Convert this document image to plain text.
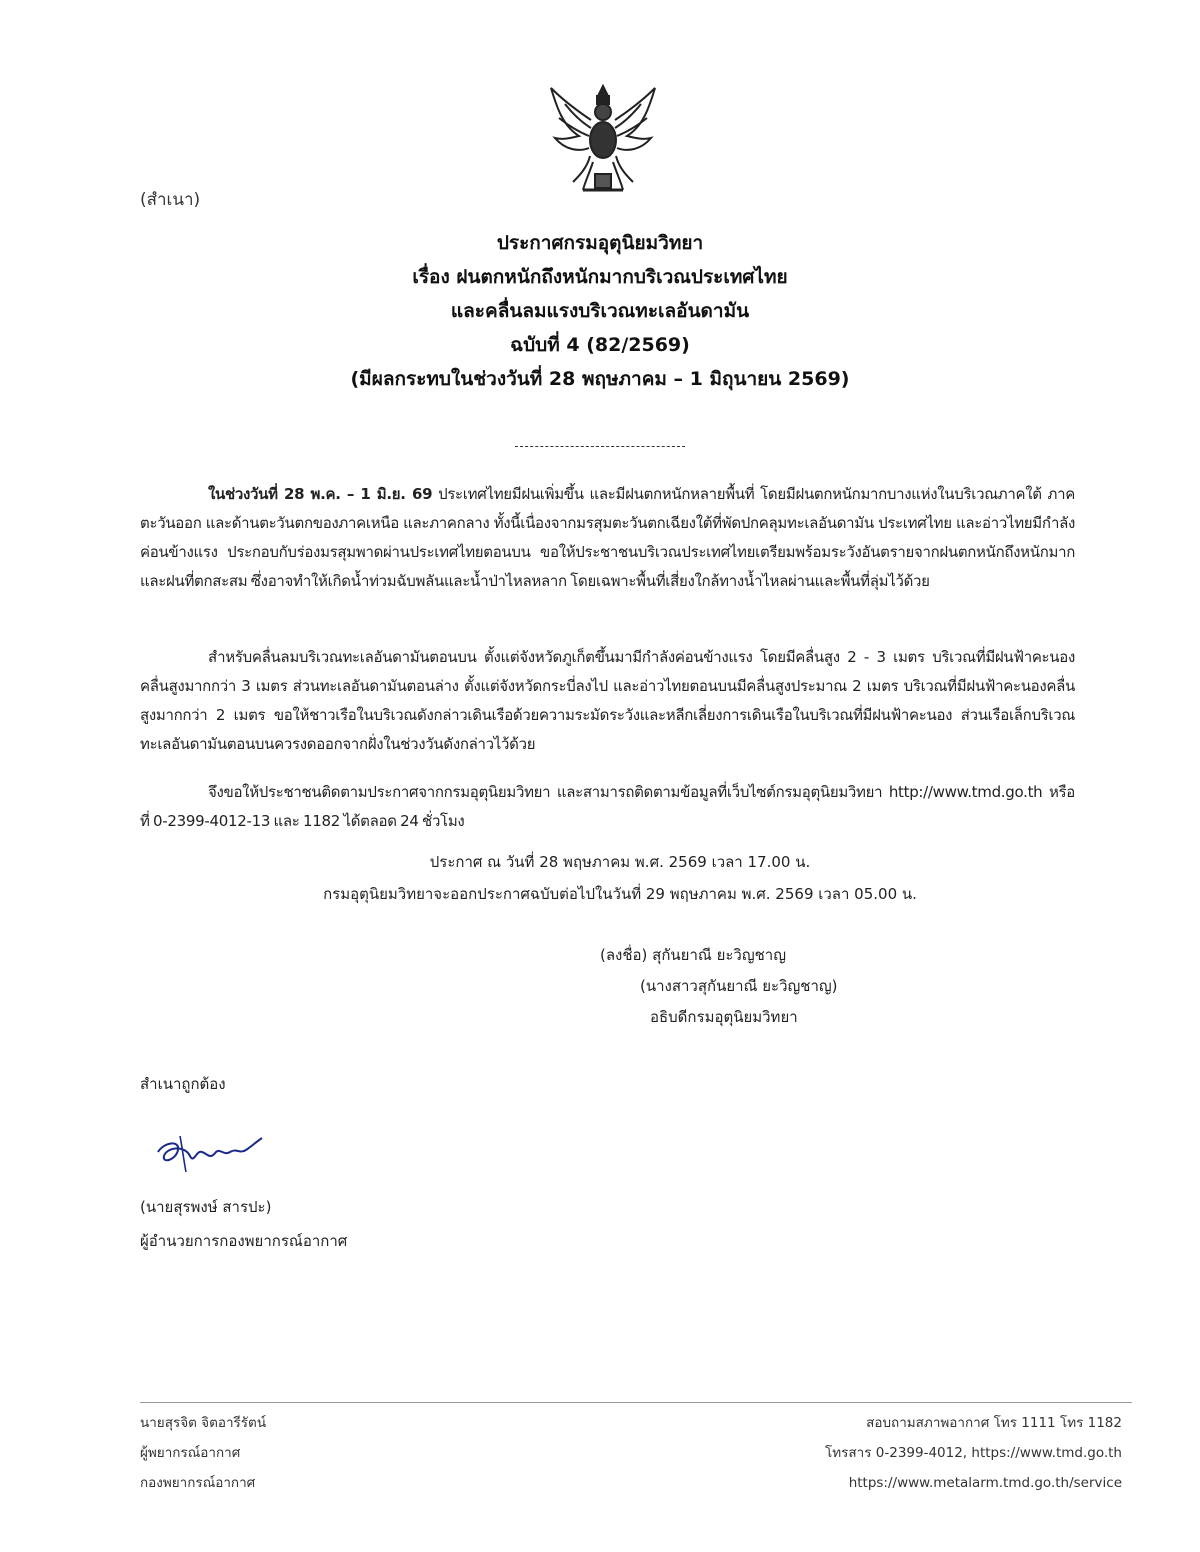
(สำเนา)
ประกาศกรมอุตุนิยมวิทยา
เรื่อง ฝนตกหนักถึงหนักมากบริเวณประเทศไทย
และคลื่นลมแรงบริเวณทะเลอันดามัน
ฉบับที่ 4 (82/2569)
(มีผลกระทบในช่วงวันที่ 28 พฤษภาคม – 1 มิถุนายน 2569)
ในช่วงวันที่ 28 พ.ค. – 1 มิ.ย. 69 ประเทศไทยมีฝนเพิ่มขึ้น และมีฝนตกหนักหลายพื้นที่ โดยมีฝนตกหนักมากบางแห่งในบริเวณภาคใต้ ภาคตะวันออก และด้านตะวันตกของภาคเหนือ และภาคกลาง ทั้งนี้เนื่องจากมรสุมตะวันตกเฉียงใต้ที่พัดปกคลุมทะเลอันดามัน ประเทศไทย และอ่าวไทยมีกำลังค่อนข้างแรง ประกอบกับร่องมรสุมพาดผ่านประเทศไทยตอนบน ขอให้ประชาชนบริเวณประเทศไทยเตรียมพร้อมระวังอันตรายจากฝนตกหนักถึงหนักมากและฝนที่ตกสะสม ซึ่งอาจทำให้เกิดน้ำท่วมฉับพลันและน้ำป่าไหลหลาก โดยเฉพาะพื้นที่เสี่ยงใกล้ทางน้ำไหลผ่านและพื้นที่ลุ่มไว้ด้วย
สำหรับคลื่นลมบริเวณทะเลอันดามันตอนบน ตั้งแต่จังหวัดภูเก็ตขึ้นมามีกำลังค่อนข้างแรง โดยมีคลื่นสูง 2 - 3 เมตร บริเวณที่มีฝนฟ้าคะนองคลื่นสูงมากกว่า 3 เมตร ส่วนทะเลอันดามันตอนล่าง ตั้งแต่จังหวัดกระบี่ลงไป และอ่าวไทยตอนบนมีคลื่นสูงประมาณ 2 เมตร บริเวณที่มีฝนฟ้าคะนองคลื่นสูงมากกว่า 2 เมตร ขอให้ชาวเรือในบริเวณดังกล่าวเดินเรือด้วยความระมัดระวังและหลีกเลี่ยงการเดินเรือในบริเวณที่มีฝนฟ้าคะนอง ส่วนเรือเล็กบริเวณทะเลอันดามันตอนบนควรงดออกจากฝั่งในช่วงวันดังกล่าวไว้ด้วย
จึงขอให้ประชาชนติดตามประกาศจากกรมอุตุนิยมวิทยา และสามารถติดตามข้อมูลที่เว็บไซต์กรมอุตุนิยมวิทยา http://www.tmd.go.th หรือที่ 0-2399-4012-13 และ 1182 ได้ตลอด 24 ชั่วโมง
ประกาศ ณ วันที่ 28 พฤษภาคม พ.ศ. 2569 เวลา 17.00 น.
กรมอุตุนิยมวิทยาจะออกประกาศฉบับต่อไปในวันที่ 29 พฤษภาคม พ.ศ. 2569 เวลา 05.00 น.
(ลงชื่อ) สุกันยาณี ยะวิญชาญ
(นางสาวสุกันยาณี ยะวิญชาญ)
อธิบดีกรมอุตุนิยมวิทยา
สำเนาถูกต้อง
(นายสุรพงษ์ สารปะ)
ผู้อำนวยการกองพยากรณ์อากาศ
นายสุรจิต จิตอารีรัตน์
ผู้พยากรณ์อากาศ
กองพยากรณ์อากาศ
สอบถามสภาพอากาศ โทร 1111 โทร 1182
โทรสาร 0-2399-4012, https://www.tmd.go.th
https://www.metalarm.tmd.go.th/service
